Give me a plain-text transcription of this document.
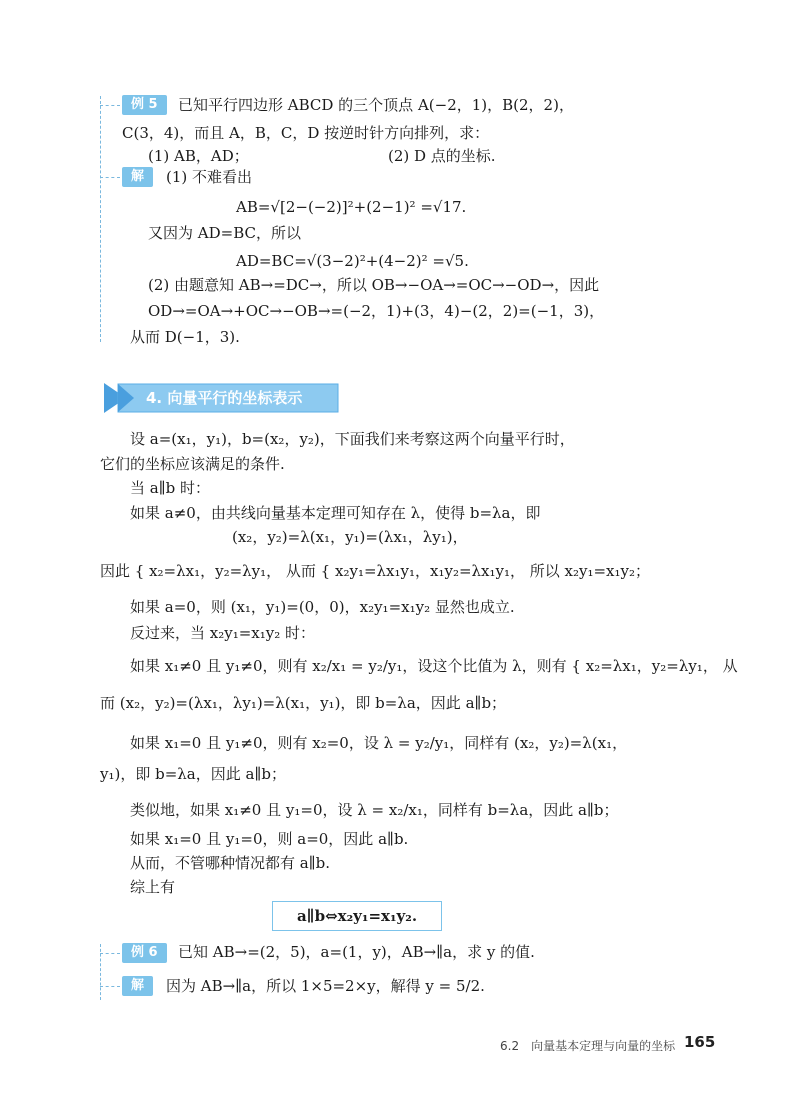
例 5	已知平行四边形 ABCD 的三个顶点 A(−2，1)，B(2，2)，
C(3，4)，而且 A，B，C，D 按逆时针方向排列，求：
(1) AB，AD；	(2) D 点的坐标.
解	(1) 不难看出
AB=√[2−(−2)]²+(2−1)² =√17.
又因为 AD=BC，所以
AD=BC=√(3−2)²+(4−2)² =√5.
(2) 由题意知 AB→=DC→，所以 OB→−OA→=OC→−OD→，因此
OD→=OA→+OC→−OB→=(−2，1)+(3，4)−(2，2)=(−1，3)，
从而 D(−1，3).
4. 向量平行的坐标表示
设 a=(x₁，y₁)，b=(x₂，y₂)，下面我们来考察这两个向量平行时，
它们的坐标应该满足的条件.
当 a∥b 时：
如果 a≠0，由共线向量基本定理可知存在 λ，使得 b=λa，即
(x₂，y₂)=λ(x₁，y₁)=(λx₁，λy₁)，
因此 { x₂=λx₁，y₂=λy₁， 从而 { x₂y₁=λx₁y₁，x₁y₂=λx₁y₁， 所以 x₂y₁=x₁y₂；
如果 a=0，则 (x₁，y₁)=(0，0)，x₂y₁=x₁y₂ 显然也成立.
反过来，当 x₂y₁=x₁y₂ 时：
如果 x₁≠0 且 y₁≠0，则有 x₂/x₁ = y₂/y₁，设这个比值为 λ，则有 { x₂=λx₁，y₂=λy₁， 从
而 (x₂，y₂)=(λx₁，λy₁)=λ(x₁，y₁)，即 b=λa，因此 a∥b；
如果 x₁=0 且 y₁≠0，则有 x₂=0，设 λ = y₂/y₁，同样有 (x₂，y₂)=λ(x₁，
y₁)，即 b=λa，因此 a∥b；
类似地，如果 x₁≠0 且 y₁=0，设 λ = x₂/x₁，同样有 b=λa，因此 a∥b；
如果 x₁=0 且 y₁=0，则 a=0，因此 a∥b.
从而，不管哪种情况都有 a∥b.
综上有
a∥b⇔x₂y₁=x₁y₂.
例 6	已知 AB→=(2，5)，a=(1，y)，AB→∥a，求 y 的值.
解	因为 AB→∥a，所以 1×5=2×y，解得 y = 5/2.
6.2　向量基本定理与向量的坐标 165
